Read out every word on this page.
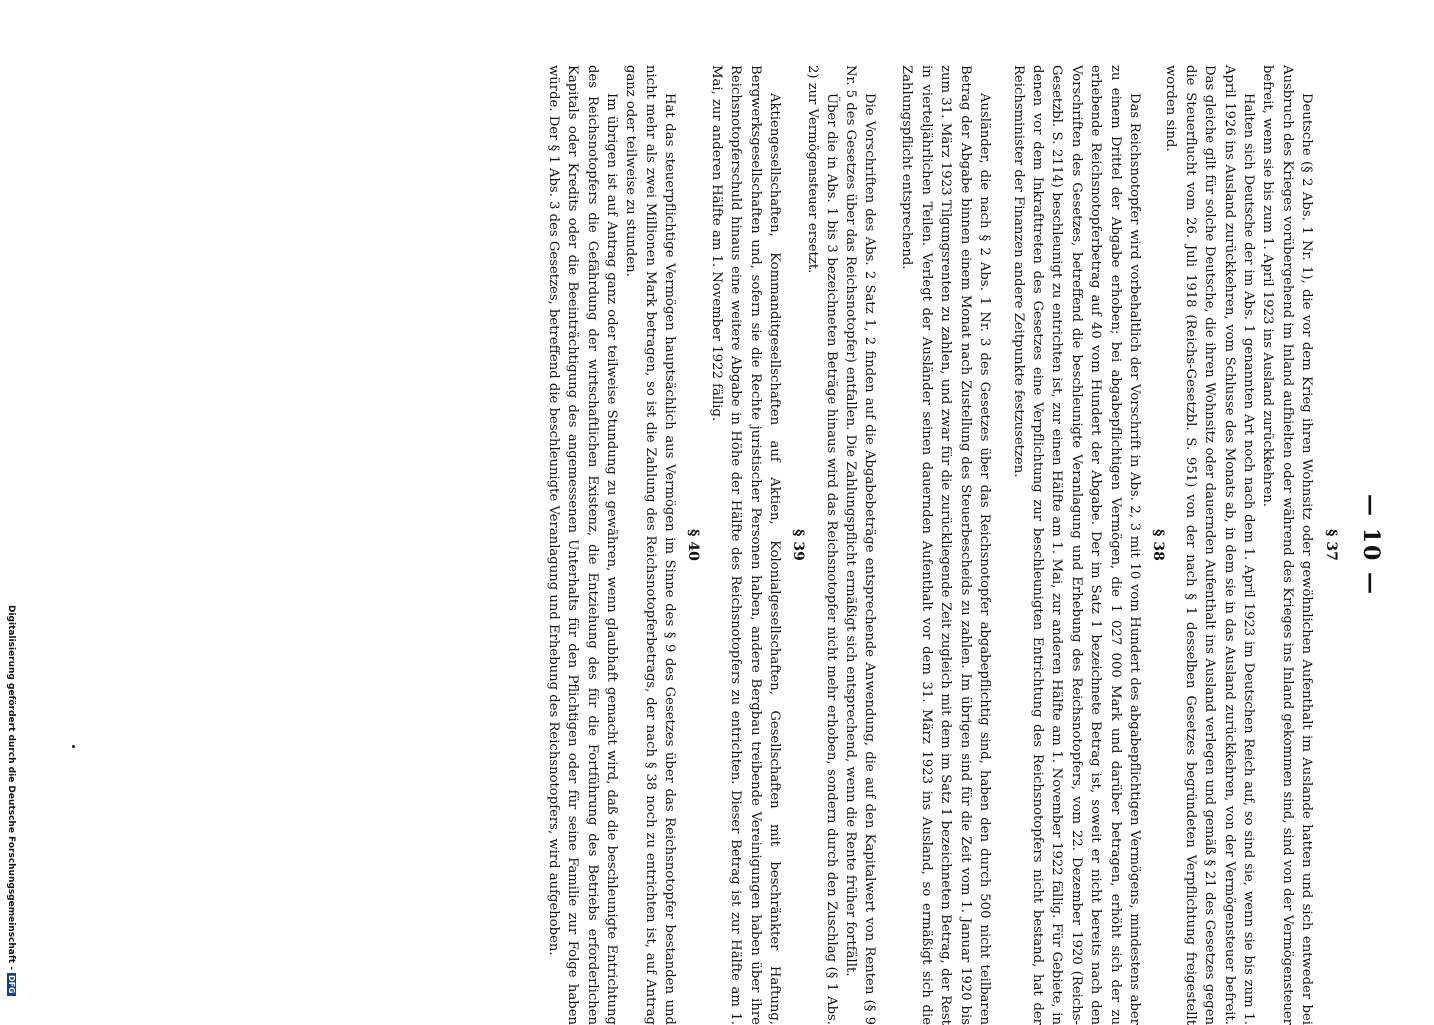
— 10 —
§ 37

Deutsche (§ 2 Abs. 1 Nr. 1), die vor dem Krieg ihren Wohnsitz oder gewöhnlichen Aufenthalt im Auslande hatten und sich entweder bei Ausbruch des Krieges vorübergehend im Inland aufhielten oder während des Krieges ins Inland gekommen sind, sind von der Vermögensteuer befreit, wenn sie bis zum 1. April 1923 ins Ausland zurückkehren.

Halten sich Deutsche der im Abs. 1 genannten Art noch nach dem 1. April 1923 im Deutschen Reich auf, so sind sie, wenn sie bis zum 1. April 1926 ins Ausland zurückkehren, vom Schlusse des Monats ab, in dem sie in das Ausland zurückkehren, von der Vermögensteuer befreit. Das gleiche gilt für solche Deutsche, die ihren Wohnsitz oder dauernden Aufenthalt ins Ausland verlegen und gemäß § 21 des Gesetzes gegen die Steuerflucht vom 26. Juli 1918 (Reichs-Gesetzbl. S. 951) von der nach § 1 desselben Gesetzes begründeten Verpflichtung freigestellt worden sind.

§ 38

Das Reichsnotopfer wird vorbehaltlich der Vorschrift in Abs. 2, 3 mit 10 vom Hundert des abgabepflichtigen Vermögens, mindestens aber zu einem Drittel der Abgabe erhoben; bei abgabepflichtigen Vermögen, die 1 027 000 Mark und darüber betragen, erhöht sich der zu erhebende Reichsnotopferbetrag auf 40 vom Hundert der Abgabe. Der im Satz 1 bezeichnete Betrag ist, soweit er nicht bereits nach den Vorschriften des Gesetzes, betreffend die beschleunigte Veranlagung und Erhebung des Reichsnotopfers, vom 22. Dezember 1920 (Reichs-Gesetzbl. S. 2114) beschleunigt zu entrichten ist, zur einen Hälfte am 1. Mai, zur anderen Hälfte am 1. November 1922 fällig. Für Gebiete, in denen vor dem Inkrafttreten des Gesetzes eine Verpflichtung zur beschleunigten Entrichtung des Reichsnotopfers nicht bestand, hat der Reichsminister der Finanzen andere Zeitpunkte festzusetzen.

Ausländer, die nach § 2 Abs. 1 Nr. 3 des Gesetzes über das Reichsnotopfer abgabepflichtig sind, haben den durch 500 nicht teilbaren Betrag der Abgabe binnen einem Monat nach Zustellung des Steuerbescheids zu zahlen. Im übrigen sind für die Zeit vom 1. Januar 1920 bis zum 31. März 1923 Tilgungsrenten zu zahlen, und zwar für die zurückliegende Zeit zugleich mit dem im Satz 1 bezeichneten Betrag, der Rest in vierteljährlichen Teilen. Verlegt der Ausländer seinen dauernden Aufenthalt vor dem 31. März 1923 ins Ausland, so ermäßigt sich die Zahlungspflicht entsprechend.

Die Vorschriften des Abs. 2 Satz 1, 2 finden auf die Abgabebeträge entsprechende Anwendung, die auf den Kapitalwert von Renten (§ 9 Nr. 5 des Gesetzes über das Reichsnotopfer) entfallen. Die Zahlungspflicht ermäßigt sich entsprechend, wenn die Rente früher fortfällt.

Über die in Abs. 1 bis 3 bezeichneten Beträge hinaus wird das Reichsnotopfer nicht mehr erhoben, sondern durch den Zuschlag (§ 1 Abs. 2) zur Vermögensteuer ersetzt.

§ 39

Aktiengesellschaften, Kommanditgesellschaften auf Aktien, Kolonialgesellschaften, Gesellschaften mit beschränkter Haftung, Bergwerksgesellschaften und, sofern sie die Rechte juristischer Personen haben, andere Bergbau treibende Vereinigungen haben über ihre Reichsnotopferschuld hinaus eine weitere Abgabe in Höhe der Hälfte des Reichsnotopfers zu entrichten. Dieser Betrag ist zur Hälfte am 1. Mai, zur anderen Hälfte am 1. November 1922 fällig.

§ 40

Hat das steuerpflichtige Vermögen hauptsächlich aus Vermögen im Sinne des § 9 des Gesetzes über das Reichsnotopfer bestanden und nicht mehr als zwei Millionen Mark betragen, so ist die Zahlung des Reichsnotopferbetrags, der nach § 38 noch zu entrichten ist, auf Antrag ganz oder teilweise zu stunden.

Im übrigen ist auf Antrag ganz oder teilweise Stundung zu gewähren, wenn glaubhaft gemacht wird, daß die beschleunigte Entrichtung des Reichsnotopfers die Gefährdung der wirtschaftlichen Existenz, die Entziehung des für die Fortführung des Betriebs erforderlichen Kapitals oder Kredits oder die Beeinträchtigung des angemessenen Unterhalts für den Pflichtigen oder für seine Familie zur Folge haben würde. Der § 1 Abs. 3 des Gesetzes, betreffend die beschleunigte Veranlagung und Erhebung des Reichsnotopfers, wird aufgehoben.

Digitalisierung gefördert durch die Deutsche Forschungsgemeinschaft -DFG
